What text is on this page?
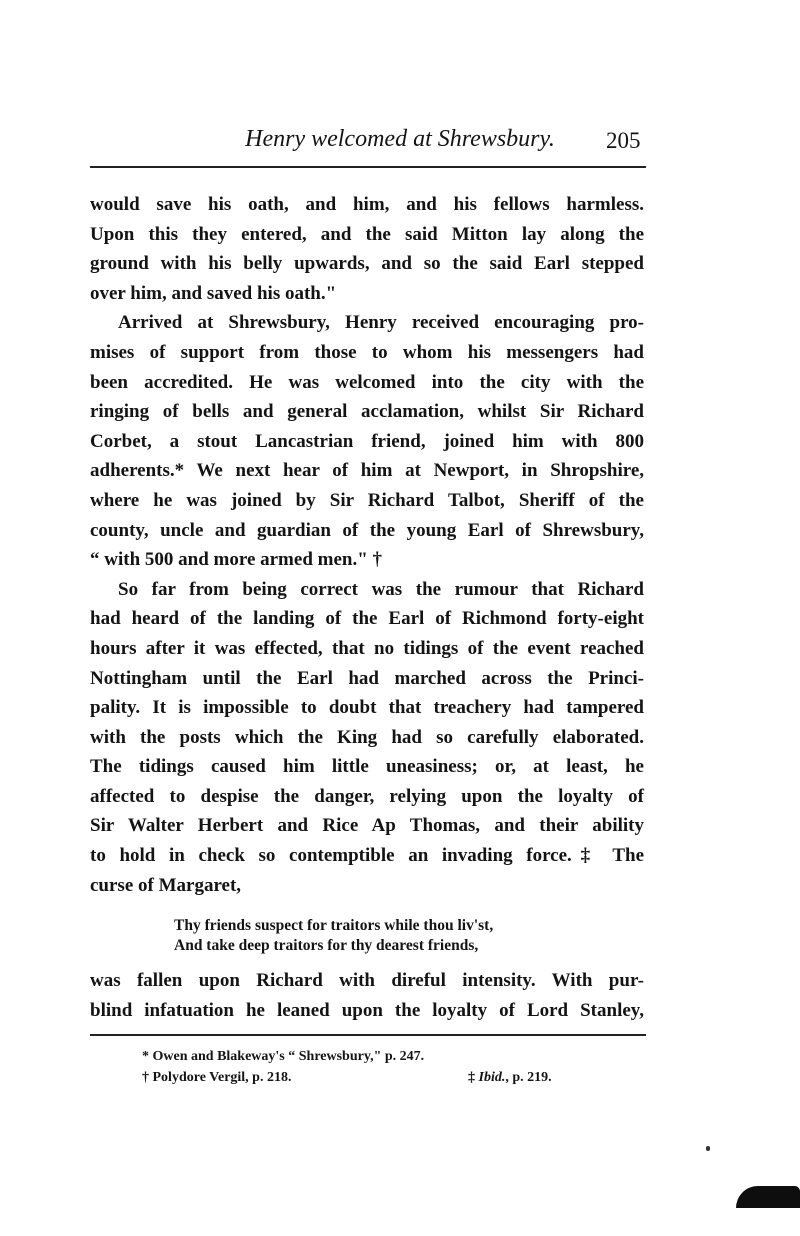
Henry welcomed at Shrewsbury.	205
would save his oath, and him, and his fellows harmless.
Upon this they entered, and the said Mitton lay along the
ground with his belly upwards, and so the said Earl stepped
over him, and saved his oath."
Arrived at Shrewsbury, Henry received encouraging pro-
mises of support from those to whom his messengers had
been accredited. He was welcomed into the city with the
ringing of bells and general acclamation, whilst Sir Richard
Corbet, a stout Lancastrian friend, joined him with 800
adherents.* We next hear of him at Newport, in Shropshire,
where he was joined by Sir Richard Talbot, Sheriff of the
county, uncle and guardian of the young Earl of Shrewsbury,
“ with 500 and more armed men." †
So far from being correct was the rumour that Richard
had heard of the landing of the Earl of Richmond forty-eight
hours after it was effected, that no tidings of the event reached
Nottingham until the Earl had marched across the Princi-
pality. It is impossible to doubt that treachery had tampered
with the posts which the King had so carefully elaborated.
The tidings caused him little uneasiness; or, at least, he
affected to despise the danger, relying upon the loyalty of
Sir Walter Herbert and Rice Ap Thomas, and their ability
to hold in check so contemptible an invading force.‡ The
curse of Margaret,
Thy friends suspect for traitors while thou liv'st,
And take deep traitors for thy dearest friends,
was fallen upon Richard with direful intensity. With pur-
blind infatuation he leaned upon the loyalty of Lord Stanley,
* Owen and Blakeway's “ Shrewsbury," p. 247.
† Polydore Vergil, p. 218.	‡ Ibid., p. 219.
